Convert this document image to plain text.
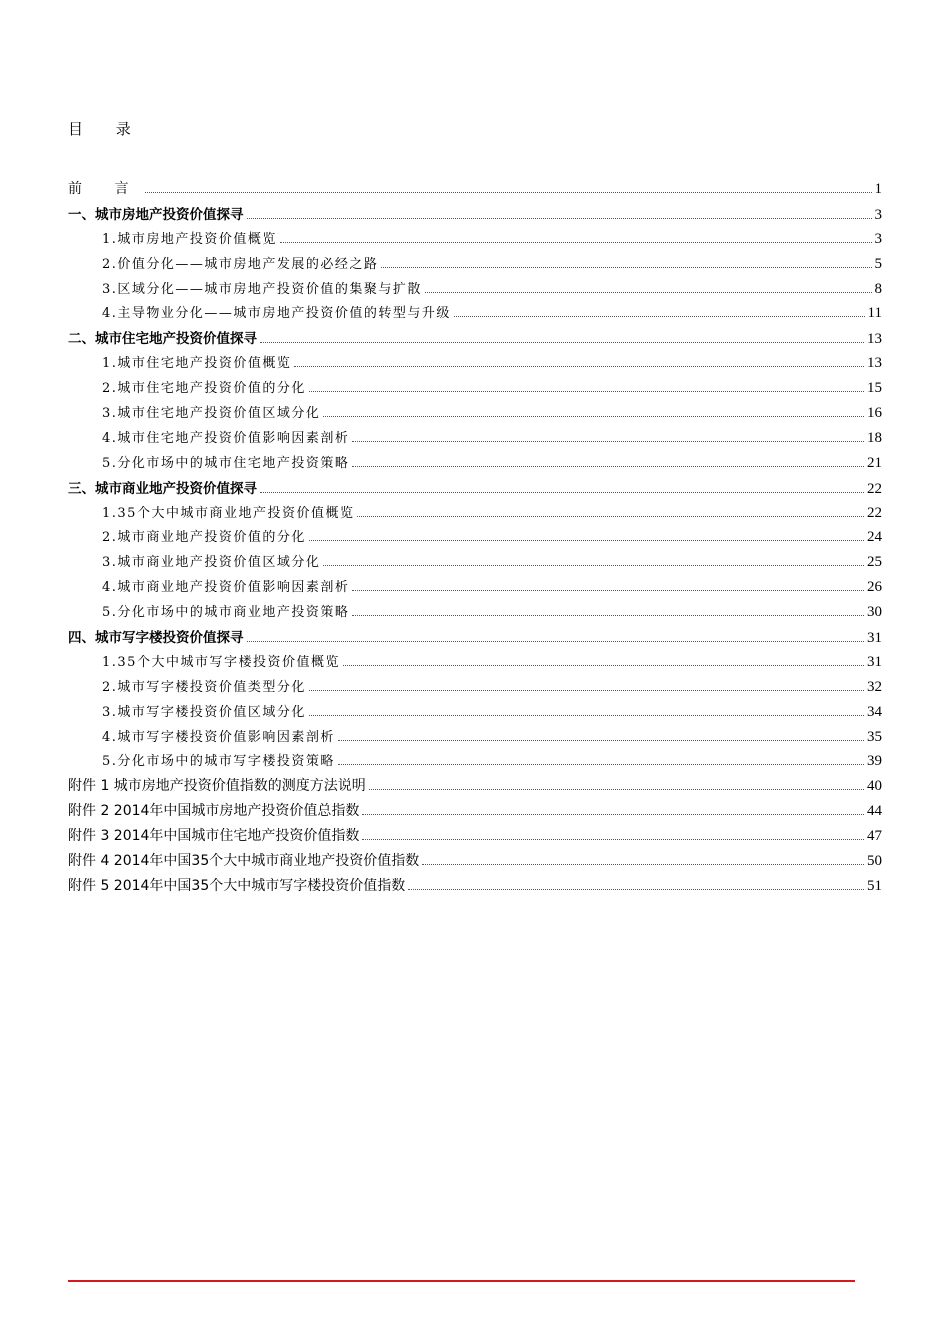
目 录
前 言	1
一、城市房地产投资价值探寻	3
1.城市房地产投资价值概览	3
2.价值分化——城市房地产发展的必经之路	5
3.区域分化——城市房地产投资价值的集聚与扩散	8
4.主导物业分化——城市房地产投资价值的转型与升级	11
二、城市住宅地产投资价值探寻	13
1.城市住宅地产投资价值概览	13
2.城市住宅地产投资价值的分化	15
3.城市住宅地产投资价值区域分化	16
4.城市住宅地产投资价值影响因素剖析	18
5.分化市场中的城市住宅地产投资策略	21
三、城市商业地产投资价值探寻	22
1.35个大中城市商业地产投资价值概览	22
2.城市商业地产投资价值的分化	24
3.城市商业地产投资价值区域分化	25
4.城市商业地产投资价值影响因素剖析	26
5.分化市场中的城市商业地产投资策略	30
四、城市写字楼投资价值探寻	31
1.35个大中城市写字楼投资价值概览	31
2.城市写字楼投资价值类型分化	32
3.城市写字楼投资价值区域分化	34
4.城市写字楼投资价值影响因素剖析	35
5.分化市场中的城市写字楼投资策略	39
附件 1 城市房地产投资价值指数的测度方法说明	40
附件 2 2014年中国城市房地产投资价值总指数	44
附件 3 2014年中国城市住宅地产投资价值指数	47
附件 4 2014年中国35个大中城市商业地产投资价值指数	50
附件 5 2014年中国35个大中城市写字楼投资价值指数	51
